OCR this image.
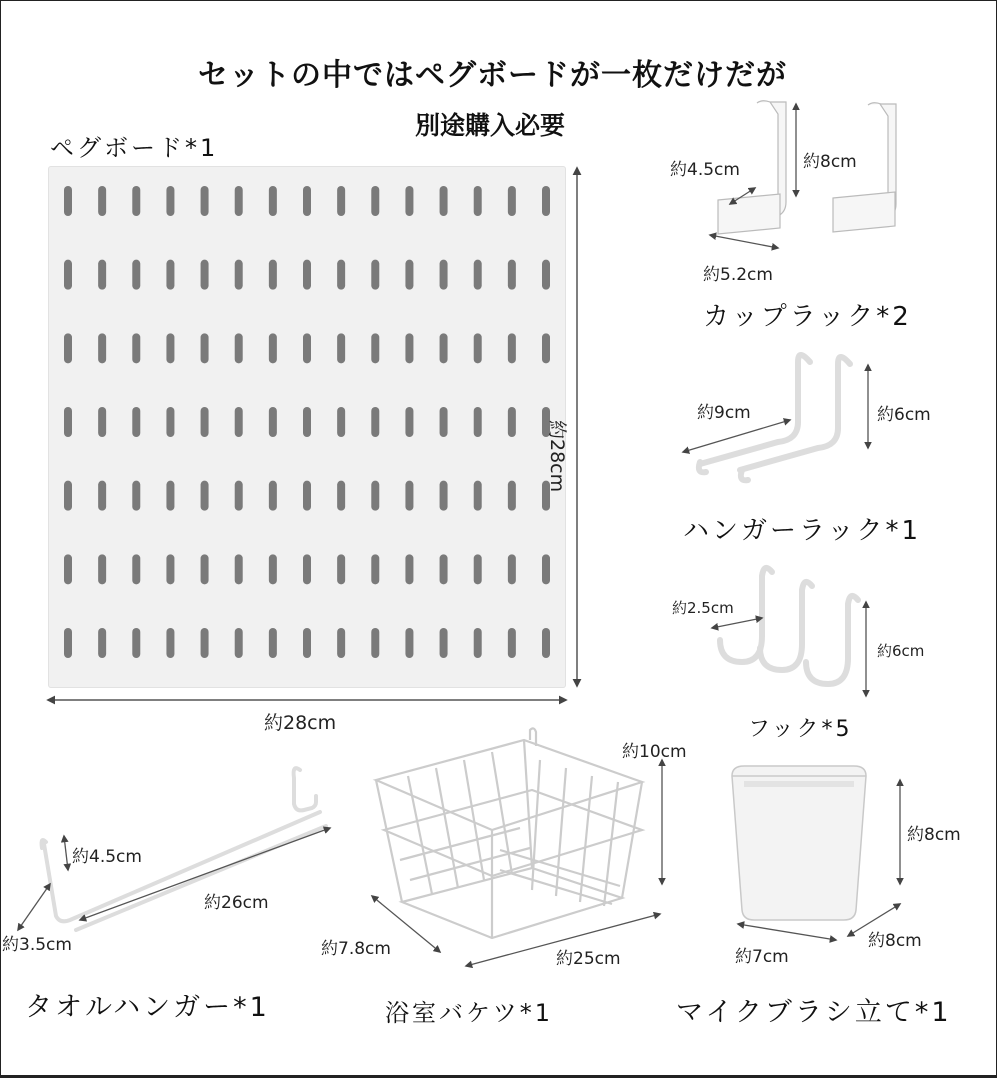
セットの中ではペグボードが一枚だけだが
別途購入必要
ペグボード*1
約28cm
約28cm
約4.5cm	約8cm
約5.2cm
カップラック*2
約9cm	約6cm
ハンガーラック*1
約2.5cm
約6cm
フック*5
約4.5cm
約26cm
約3.5cm
タオルハンガー*1
約10cm
約7.8cm	約25cm
浴室バケツ*1
約8cm
約8cm
約7cm
マイクブラシ立て*1
